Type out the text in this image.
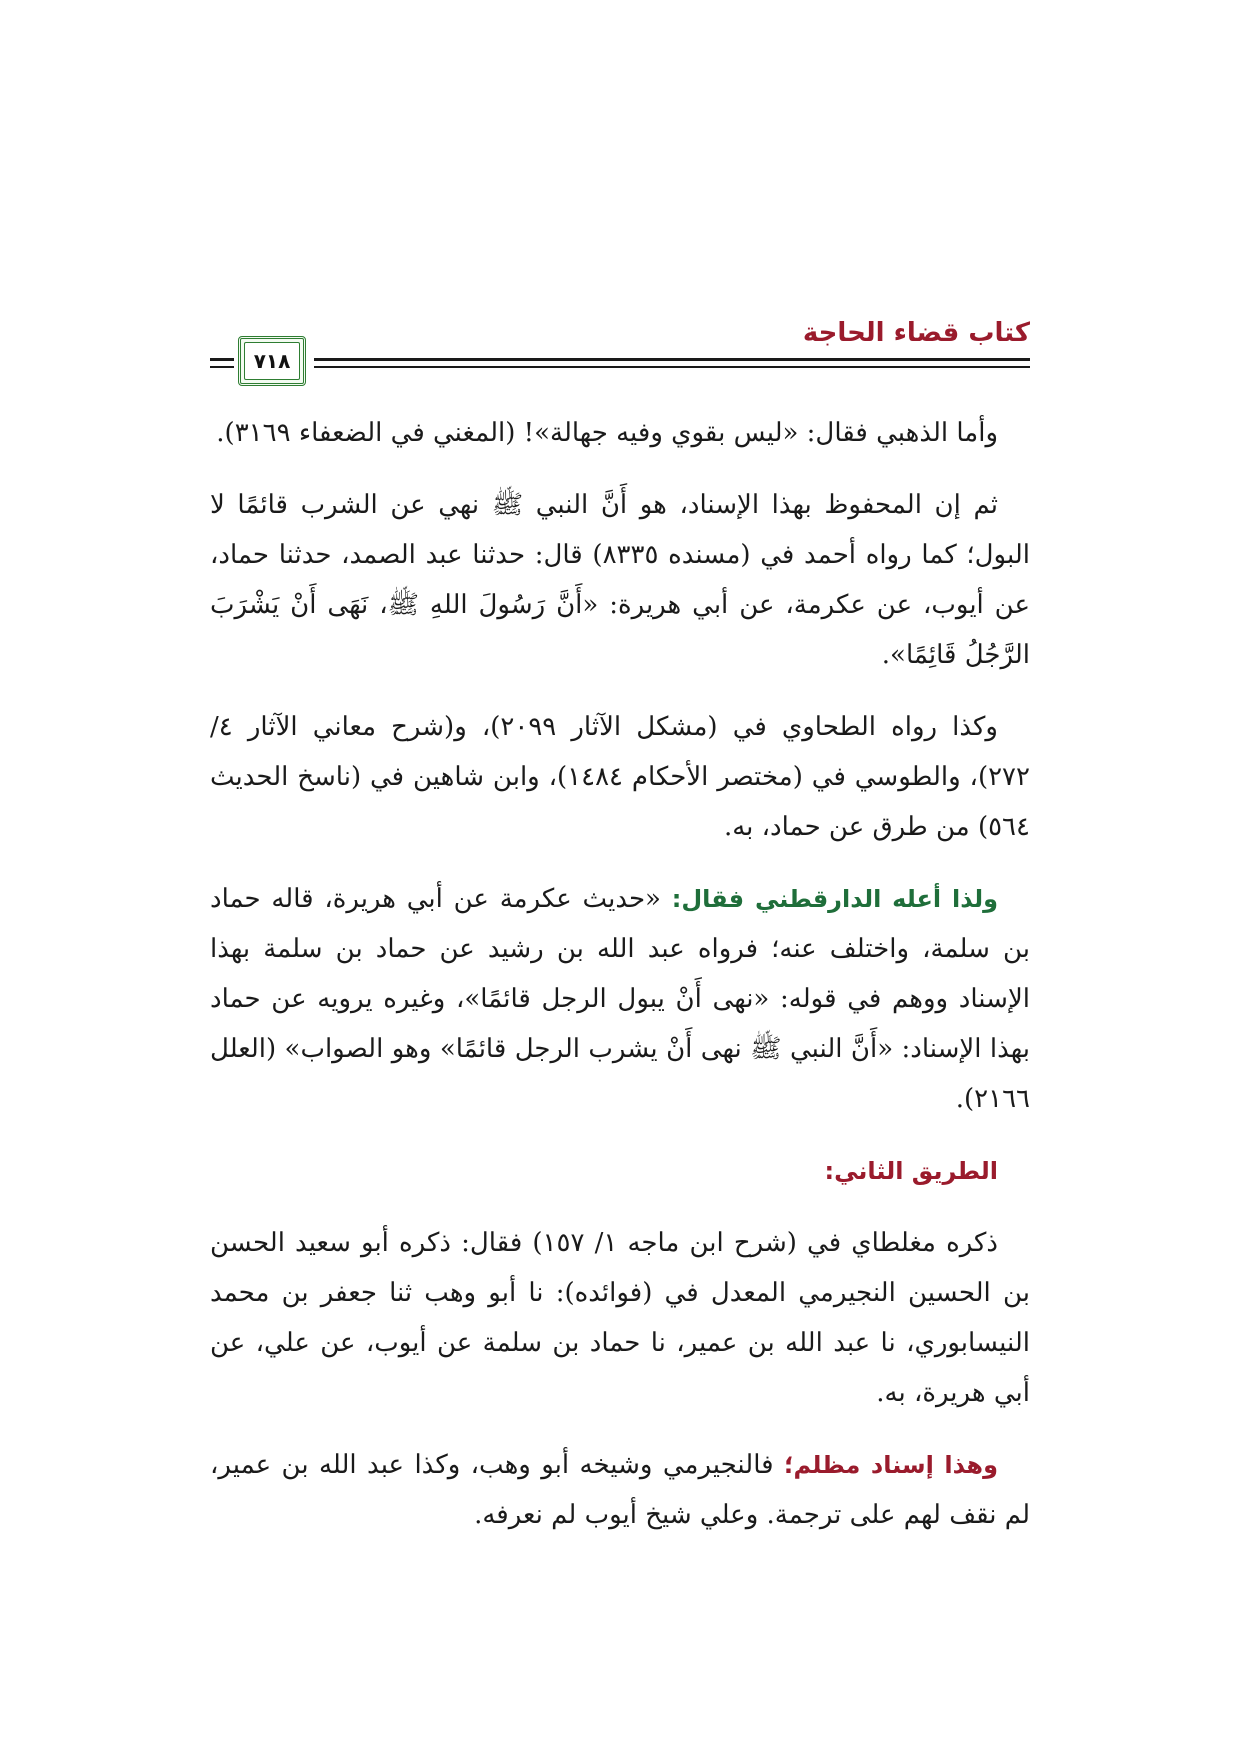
كتاب قضاء الحاجة
٧١٨

وأما الذهبي فقال: «ليس بقوي وفيه جهالة»! (المغني في الضعفاء ٣١٦٩).

ثم إن المحفوظ بهذا الإسناد، هو أَنَّ النبي ﷺ نهي عن الشرب قائمًا لا البول؛ كما رواه أحمد في (مسنده ٨٣٣٥) قال: حدثنا عبد الصمد، حدثنا حماد، عن أيوب، عن عكرمة، عن أبي هريرة: «أَنَّ رَسُولَ اللهِ ﷺ، نَهَى أَنْ يَشْرَبَ الرَّجُلُ قَائِمًا».

وكذا رواه الطحاوي في (مشكل الآثار ٢٠٩٩)، و(شرح معاني الآثار ٤/ ٢٧٢)، والطوسي في (مختصر الأحكام ١٤٨٤)، وابن شاهين في (ناسخ الحديث ٥٦٤) من طرق عن حماد، به.

ولذا أعله الدارقطني فقال: «حديث عكرمة عن أبي هريرة، قاله حماد بن سلمة، واختلف عنه؛ فرواه عبد الله بن رشيد عن حماد بن سلمة بهذا الإسناد ووهم في قوله: «نهى أَنْ يبول الرجل قائمًا»، وغيره يرويه عن حماد بهذا الإسناد: «أَنَّ النبي ﷺ نهى أَنْ يشرب الرجل قائمًا» وهو الصواب» (العلل ٢١٦٦).

الطريق الثاني:

ذكره مغلطاي في (شرح ابن ماجه ١/ ١٥٧) فقال: ذكره أبو سعيد الحسن بن الحسين النجيرمي المعدل في (فوائده): نا أبو وهب ثنا جعفر بن محمد النيسابوري، نا عبد الله بن عمير، نا حماد بن سلمة عن أيوب، عن علي، عن أبي هريرة، به.

وهذا إسناد مظلم؛ فالنجيرمي وشيخه أبو وهب، وكذا عبد الله بن عمير، لم نقف لهم على ترجمة. وعلي شيخ أيوب لم نعرفه.
